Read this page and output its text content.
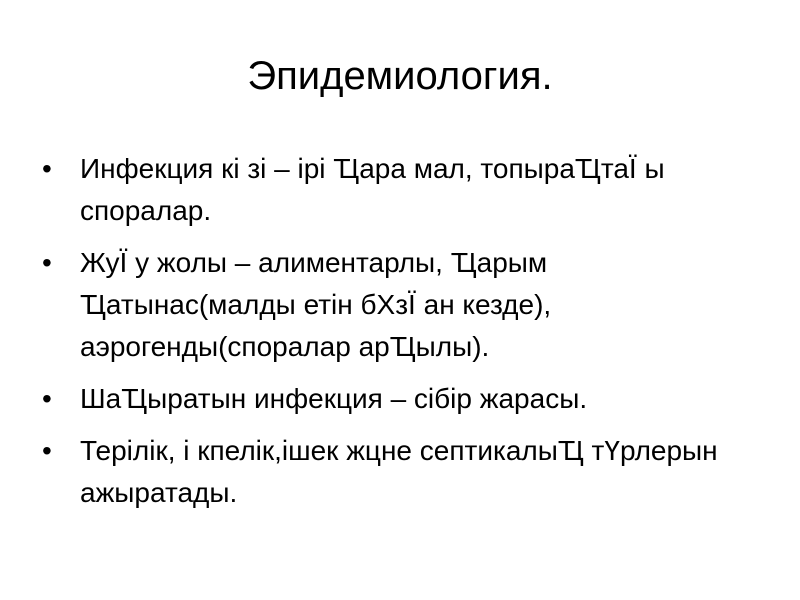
Эпидемиология.
• Инфекция кі зі – ірі Ҵара мал, топыраҴтаЇ ы споралар.
• ЖуЇ у жолы – алиментарлы, Ҵарым Ҵатынас(малды етін бХзЇ ан кезде), аэрогенды(споралар арҴылы).
• ШаҴыратын инфекция – сібір жарасы.
• Терілік, і кпелік,ішек жцне септикалыҴ тҮрлерын ажыратады.
